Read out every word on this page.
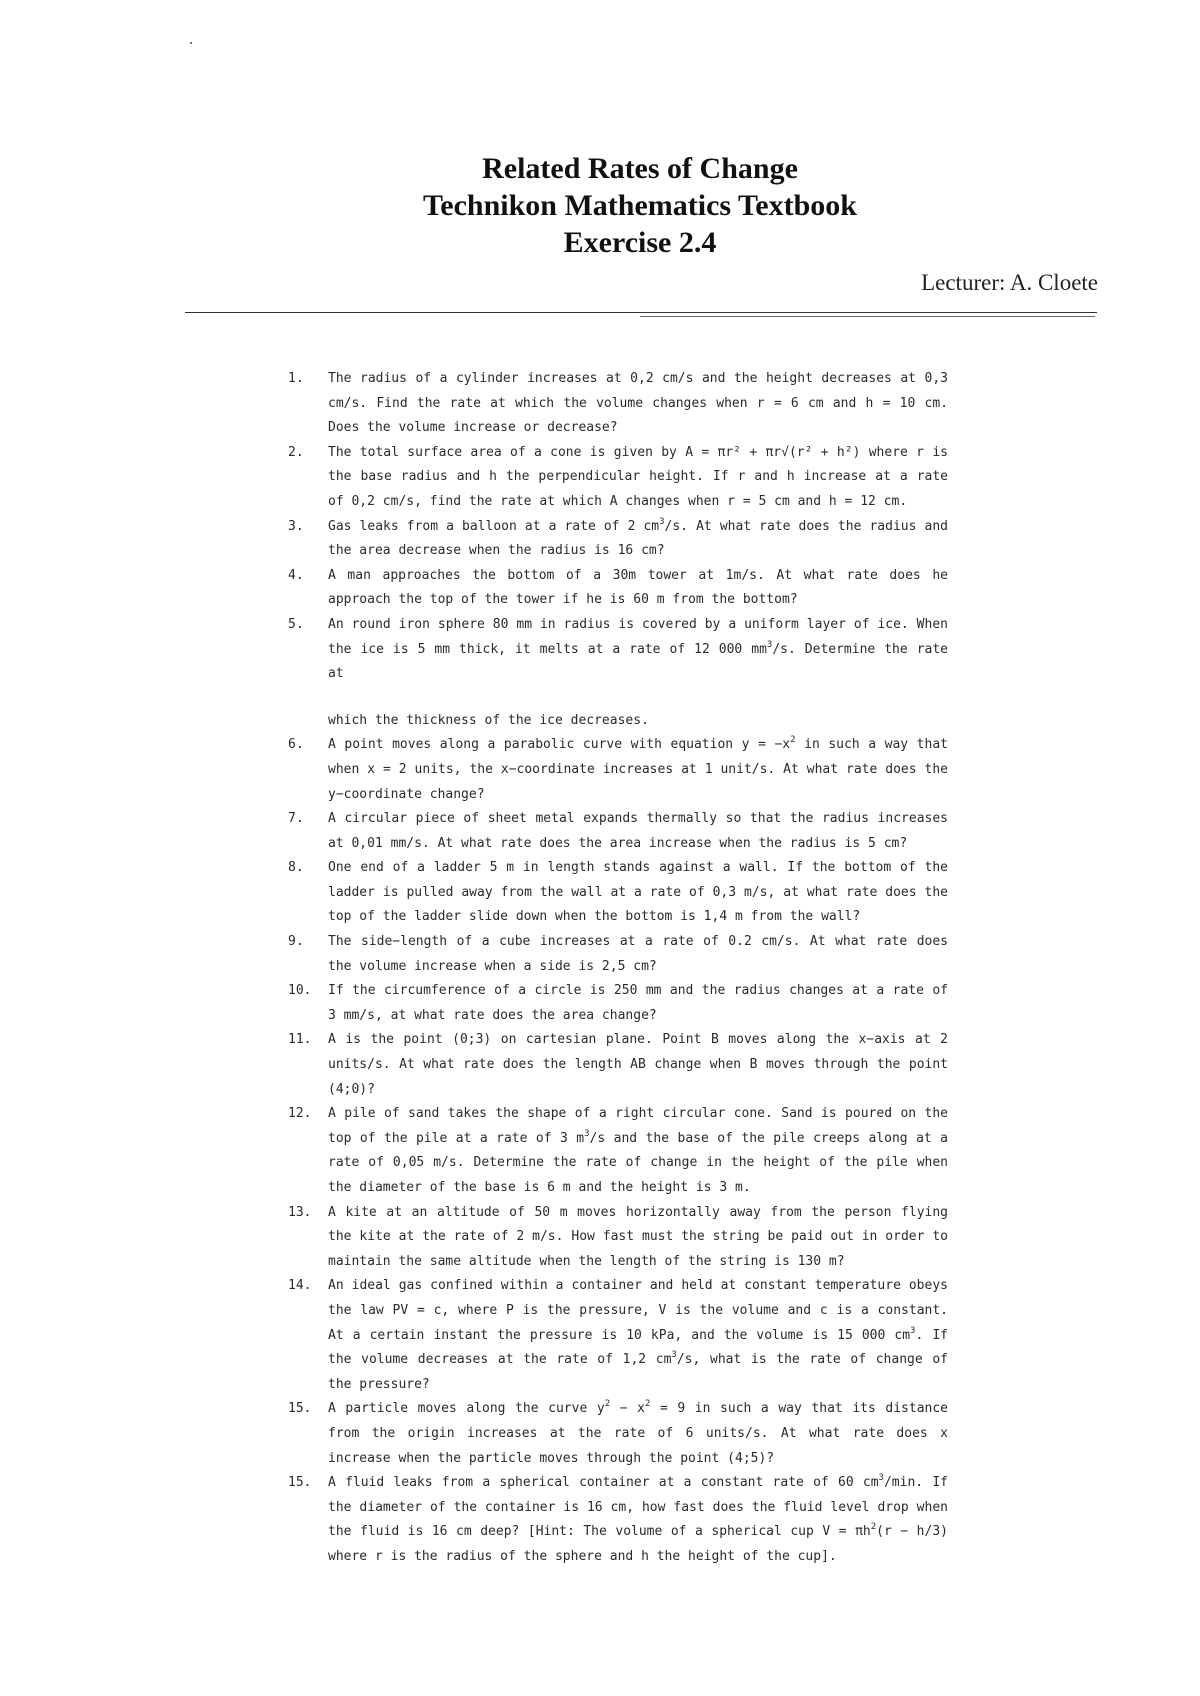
Related Rates of Change
Technikon Mathematics Textbook
Exercise 2.4
Lecturer: A. Cloete
1.	The radius of a cylinder increases at 0,2 cm/s and the height decreases at 0,3 cm/s. Find the rate at which the volume changes when r = 6 cm and h = 10 cm. Does the volume increase or decrease?
2.	The total surface area of a cone is given by A = πr² + πr√(r² + h²) where r is the base radius and h the perpendicular height. If r and h increase at a rate of 0,2 cm/s, find the rate at which A changes when r = 5 cm and h = 12 cm.
3.	Gas leaks from a balloon at a rate of 2 $cm^3/s$. At what rate does the radius and the area decrease when the radius is 16 cm?
4.	A man approaches the bottom of a 30m tower at 1m/s. At what rate does he approach the top of the tower if he is 60 m from the bottom?
5.	An round iron sphere 80 mm in radius is covered by a uniform layer of ice. When the ice is 5 mm thick, it melts at a rate of 12 000 $mm^3/s$. Determine the rate at
which the thickness of the ice decreases.
6.	A point moves along a parabolic curve with equation $y = -x^2$ in such a way that when x = 2 units, the x−coordinate increases at 1 unit/s. At what rate does the y−coordinate change?
7.	A circular piece of sheet metal expands thermally so that the radius increases at 0,01 mm/s. At what rate does the area increase when the radius is 5 cm?
8.	One end of a ladder 5 m in length stands against a wall. If the bottom of the ladder is pulled away from the wall at a rate of 0,3 m/s, at what rate does the top of the ladder slide down when the bottom is 1,4 m from the wall?
9.	The side−length of a cube increases at a rate of 0.2 cm/s. At what rate does the volume increase when a side is 2,5 cm?
10.	If the circumference of a circle is 250 mm and the radius changes at a rate of 3 mm/s, at what rate does the area change?
11.	A is the point (0;3) on cartesian plane. Point B moves along the x−axis at 2 units/s. At what rate does the length AB change when B moves through the point (4;0)?
12.	A pile of sand takes the shape of a right circular cone. Sand is poured on the top of the pile at a rate of 3 $m^3/s$ and the base of the pile creeps along at a rate of 0,05 m/s. Determine the rate of change in the height of the pile when the diameter of the base is 6 m and the height is 3 m.
13.	A kite at an altitude of 50 m moves horizontally away from the person flying the kite at the rate of 2 m/s. How fast must the string be paid out in order to maintain the same altitude when the length of the string is 130 m?
14.	An ideal gas confined within a container and held at constant temperature obeys the law PV = c, where P is the pressure, V is the volume and c is a constant. At a certain instant the pressure is 10 kPa, and the volume is 15 000 $cm^3$. If the volume decreases at the rate of 1,2 $cm^3/s$, what is the rate of change of the pressure?
15.	A particle moves along the curve $y^2 - x^2 = 9$ in such a way that its distance from the origin increases at the rate of 6 units/s. At what rate does x increase when the particle moves through the point (4;5)?
15.	A fluid leaks from a spherical container at a constant rate of 60 $cm^3/\min$. If the diameter of the container is 16 cm, how fast does the fluid level drop when the fluid is 16 cm deep? [Hint: The volume of a spherical cup $V = \pi h^2(r - h/3)$ where r is the radius of the sphere and h the height of the cup].
